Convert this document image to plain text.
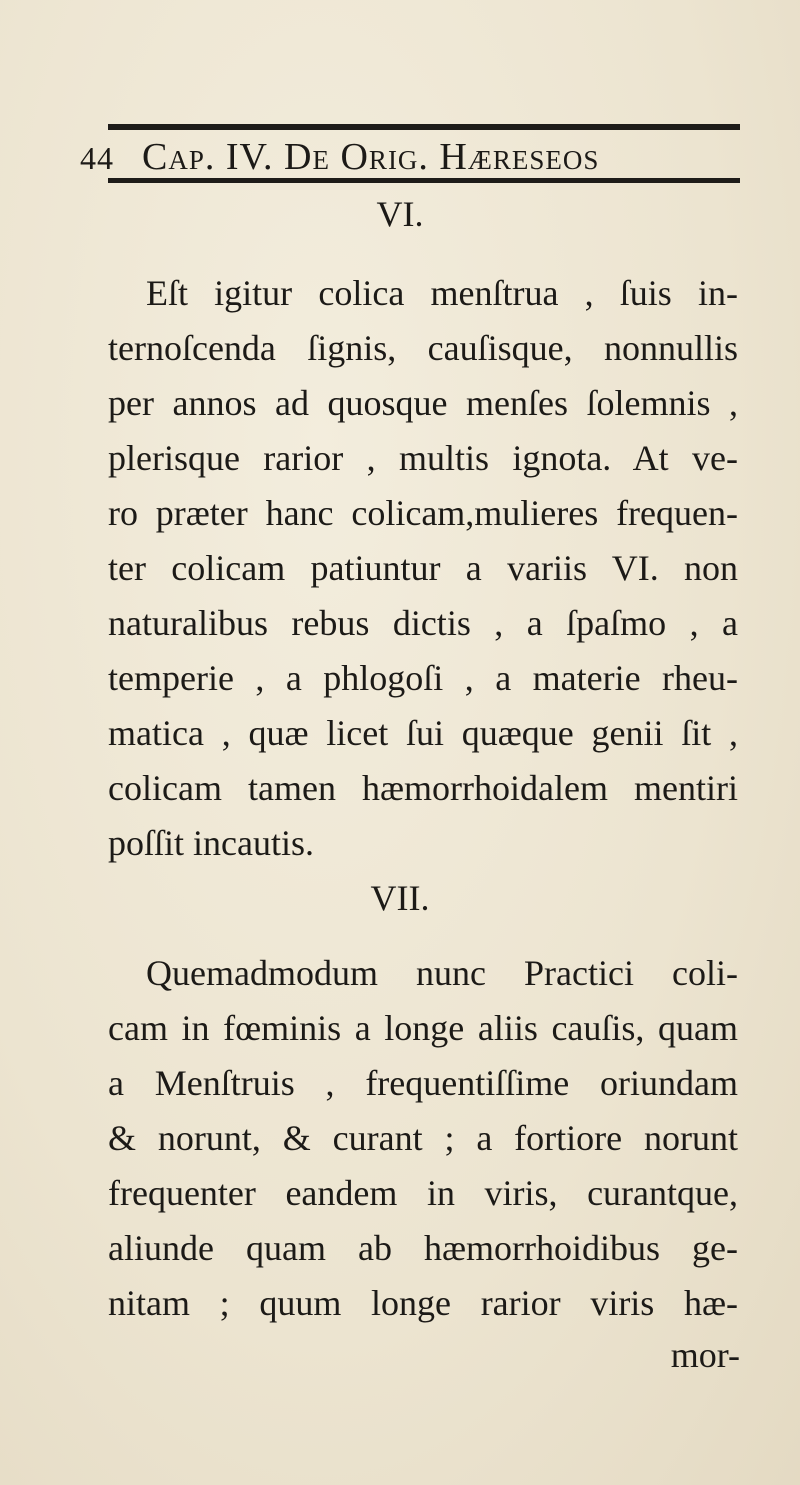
44 Cap. IV. De Orig. Hæreseos
VI.
Eſt igitur colica menſtrua , ſuis in-
ternoſcenda ſignis, cauſisque, nonnullis
per annos ad quosque menſes ſolemnis ,
plerisque rarior , multis ignota. At ve-
ro præter hanc colicam,mulieres frequen-
ter colicam patiuntur a variis VI. non
naturalibus rebus dictis , a ſpaſmo , a
temperie , a phlogoſi , a materie rheu-
matica , quæ licet ſui quæque genii ſit ,
colicam tamen hæmorrhoidalem mentiri
poſſit incautis.
VII.
Quemadmodum nunc Practici coli-
cam in fœminis a longe aliis cauſis, quam
a Menſtruis , frequentiſſime oriundam
& norunt, & curant ; a fortiore norunt
frequenter eandem in viris, curantque,
aliunde quam ab hæmorrhoidibus ge-
nitam ; quum longe rarior viris hæ-
mor-
